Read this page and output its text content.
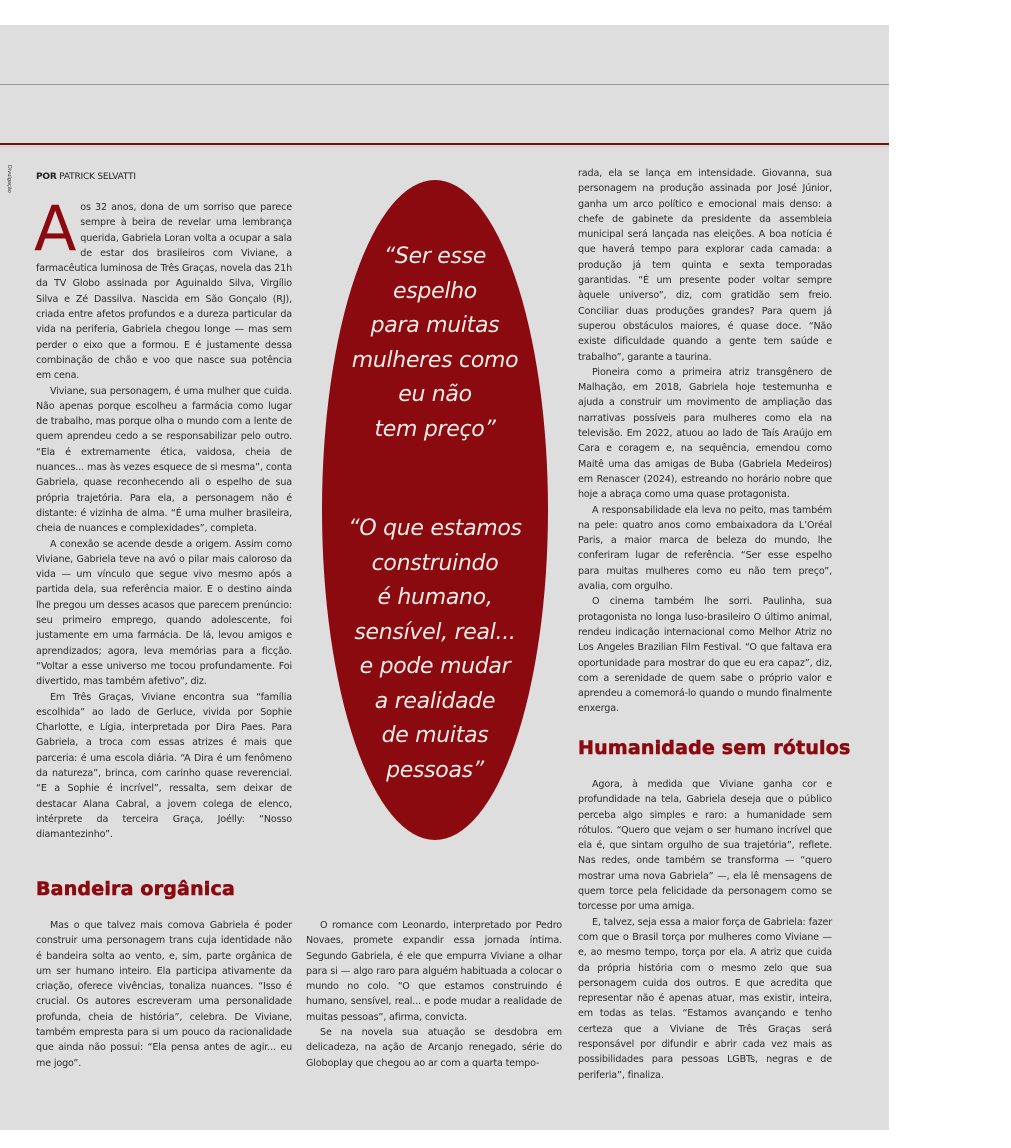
Divulgação	POR PATRICK SELVATTI

Aos 32 anos, dona de um sorriso que parece sempre à beira de revelar uma lembrança querida, Gabriela Loran volta a ocupar a sala de estar dos brasileiros com Viviane, a farmacêutica luminosa de Três Graças, novela das 21h da TV Globo assinada por Aguinaldo Silva, Virgílio Silva e Zé Dassilva. Nascida em São Gonçalo (RJ), criada entre afetos profundos e a dureza particular da vida na periferia, Gabriela chegou longe — mas sem perder o eixo que a formou. E é justamente dessa combinação de chão e voo que nasce sua potência em cena.

Viviane, sua personagem, é uma mulher que cuida. Não apenas porque escolheu a farmácia como lugar de trabalho, mas porque olha o mundo com a lente de quem aprendeu cedo a se responsabilizar pelo outro. “Ela é extremamente ética, vaidosa, cheia de nuances... mas às vezes esquece de si mesma”, conta Gabriela, quase reconhecendo ali o espelho de sua própria trajetória. Para ela, a personagem não é distante: é vizinha de alma. “É uma mulher brasileira, cheia de nuances e complexidades”, completa.

A conexão se acende desde a origem. Assim como Viviane, Gabriela teve na avó o pilar mais caloroso da vida — um vínculo que segue vivo mesmo após a partida dela, sua referência maior. E o destino ainda lhe pregou um desses acasos que parecem prenúncio: seu primeiro emprego, quando adolescente, foi justamente em uma farmácia. De lá, levou amigos e aprendizados; agora, leva memórias para a ficção. “Voltar a esse universo me tocou profundamente. Foi divertido, mas também afetivo”, diz.

Em Três Graças, Viviane encontra sua “família escolhida” ao lado de Gerluce, vivida por Sophie Charlotte, e Lígia, interpretada por Dira Paes. Para Gabriela, a troca com essas atrizes é mais que parceria: é uma escola diária. “A Dira é um fenômeno da natureza”, brinca, com carinho quase reverencial. “E a Sophie é incrível”, ressalta, sem deixar de destacar Alana Cabral, a jovem colega de elenco, intérprete da terceira Graça, Joélly: “Nosso diamantezinho”.

Bandeira orgânica

Mas o que talvez mais comova Gabriela é poder construir uma personagem trans cuja identidade não é bandeira solta ao vento, e, sim, parte orgânica de um ser humano inteiro. Ela participa ativamente da criação, oferece vivências, tonaliza nuances. “Isso é crucial. Os autores escreveram uma personalidade profunda, cheia de história”, celebra. De Viviane, também empresta para si um pouco da racionalidade que ainda não possui: “Ela pensa antes de agir... eu me jogo”.

“Ser esse
espelho
para muitas
mulheres como
eu não
tem preço”
“O que estamos
construindo
é humano,
sensível, real...
e pode mudar
a realidade
de muitas
pessoas”

O romance com Leonardo, interpretado por Pedro Novaes, promete expandir essa jornada íntima. Segundo Gabriela, é ele que empurra Viviane a olhar para si — algo raro para alguém habituada a colocar o mundo no colo. “O que estamos construindo é humano, sensível, real... e pode mudar a realidade de muitas pessoas”, afirma, convicta.

Se na novela sua atuação se desdobra em delicadeza, na ação de Arcanjo renegado, série do Globoplay que chegou ao ar com a quarta tempo-

rada, ela se lança em intensidade. Giovanna, sua personagem na produção assinada por José Júnior, ganha um arco político e emocional mais denso: a chefe de gabinete da presidente da assembleia municipal será lançada nas eleições. A boa notícia é que haverá tempo para explorar cada camada: a produção já tem quinta e sexta temporadas garantidas. “É um presente poder voltar sempre àquele universo”, diz, com gratidão sem freio. Conciliar duas produções grandes? Para quem já superou obstáculos maiores, é quase doce. “Não existe dificuldade quando a gente tem saúde e trabalho”, garante a taurina.

Pioneira como a primeira atriz transgênero de Malhação, em 2018, Gabriela hoje testemunha e ajuda a construir um movimento de ampliação das narrativas possíveis para mulheres como ela na televisão. Em 2022, atuou ao lado de Taís Araújo em Cara e coragem e, na sequência, emendou como Maitê uma das amigas de Buba (Gabriela Medeiros) em Renascer (2024), estreando no horário nobre que hoje a abraça como uma quase protagonista.

A responsabilidade ela leva no peito, mas também na pele: quatro anos como embaixadora da L’Oréal Paris, a maior marca de beleza do mundo, lhe conferiram lugar de referência. “Ser esse espelho para muitas mulheres como eu não tem preço”, avalia, com orgulho.

O cinema também lhe sorri. Paulinha, sua protagonista no longa luso-brasileiro O último animal, rendeu indicação internacional como Melhor Atriz no Los Angeles Brazilian Film Festival. “O que faltava era oportunidade para mostrar do que eu era capaz”, diz, com a serenidade de quem sabe o próprio valor e aprendeu a comemorá-lo quando o mundo finalmente enxerga.

Humanidade sem rótulos

Agora, à medida que Viviane ganha cor e profundidade na tela, Gabriela deseja que o público perceba algo simples e raro: a humanidade sem rótulos. “Quero que vejam o ser humano incrível que ela é, que sintam orgulho de sua trajetória”, reflete. Nas redes, onde também se transforma — “quero mostrar uma nova Gabriela” —, ela lê mensagens de quem torce pela felicidade da personagem como se torcesse por uma amiga.

E, talvez, seja essa a maior força de Gabriela: fazer com que o Brasil torça por mulheres como Viviane — e, ao mesmo tempo, torça por ela. A atriz que cuida da própria história com o mesmo zelo que sua personagem cuida dos outros. E que acredita que representar não é apenas atuar, mas existir, inteira, em todas as telas. “Estamos avançando e tenho certeza que a Viviane de Três Graças será responsável por difundir e abrir cada vez mais as possibilidades para pessoas LGBTs, negras e de periferia”, finaliza.
